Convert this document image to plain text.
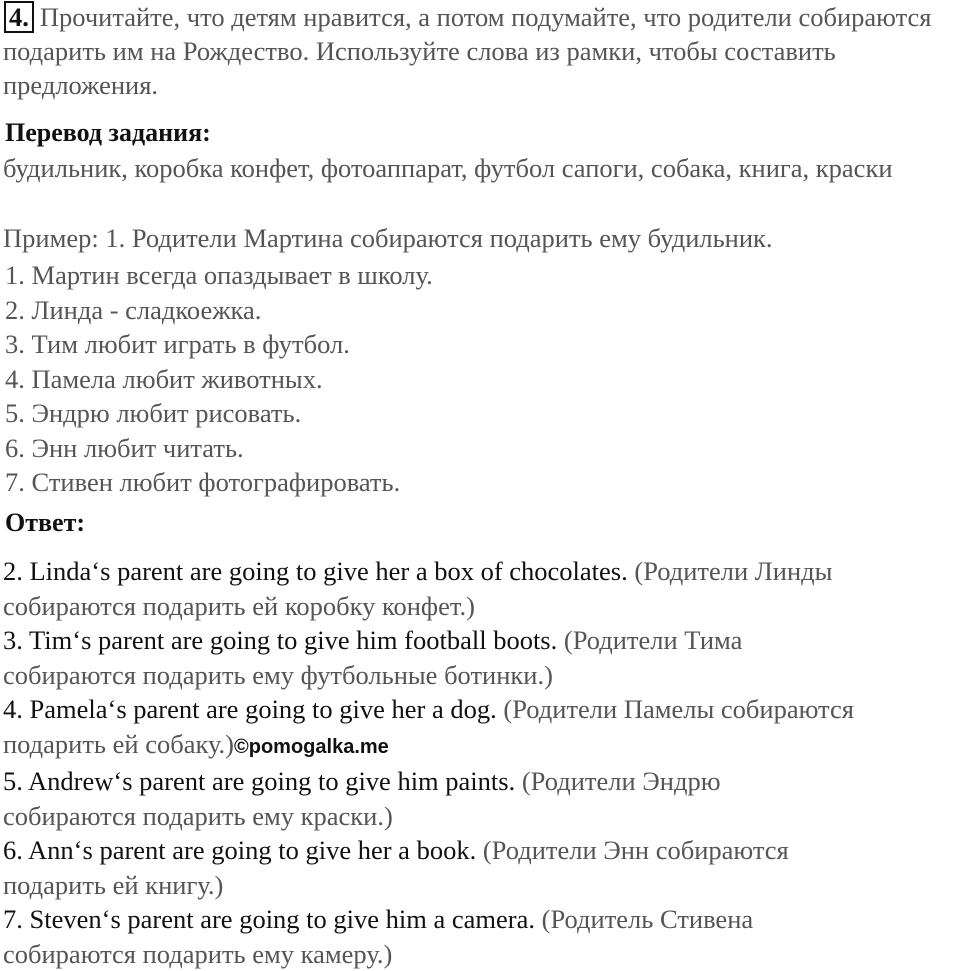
4. Прочитайте, что детям нравится, а потом подумайте, что родители собираются подарить им на Рождество. Используйте слова из рамки, чтобы составить предложения.
Перевод задания:
будильник, коробка конфет, фотоаппарат, футбол сапоги, собака, книга, краски
Пример: 1. Родители Мартина собираются подарить ему будильник.
1. Мартин всегда опаздывает в школу.
2. Линда - сладкоежка.
3. Тим любит играть в футбол.
4. Памела любит животных.
5. Эндрю любит рисовать.
6. Энн любит читать.
7. Стивен любит фотографировать.
Ответ:
2. Linda‘s parent are going to give her a box of chocolates. (Родители Линды
собираются подарить ей коробку конфет.)
3. Tim‘s parent are going to give him football boots. (Родители Тима
собираются подарить ему футбольные ботинки.)
4. Pamela‘s parent are going to give her a dog. (Родители Памелы собираются
подарить ей собаку.)©pomogalka.me
5. Andrew‘s parent are going to give him paints. (Родители Эндрю
собираются подарить ему краски.)
6. Ann‘s parent are going to give her a book. (Родители Энн собираются
подарить ей книгу.)
7. Steven‘s parent are going to give him a camera. (Родитель Стивена
собираются подарить ему камеру.)
